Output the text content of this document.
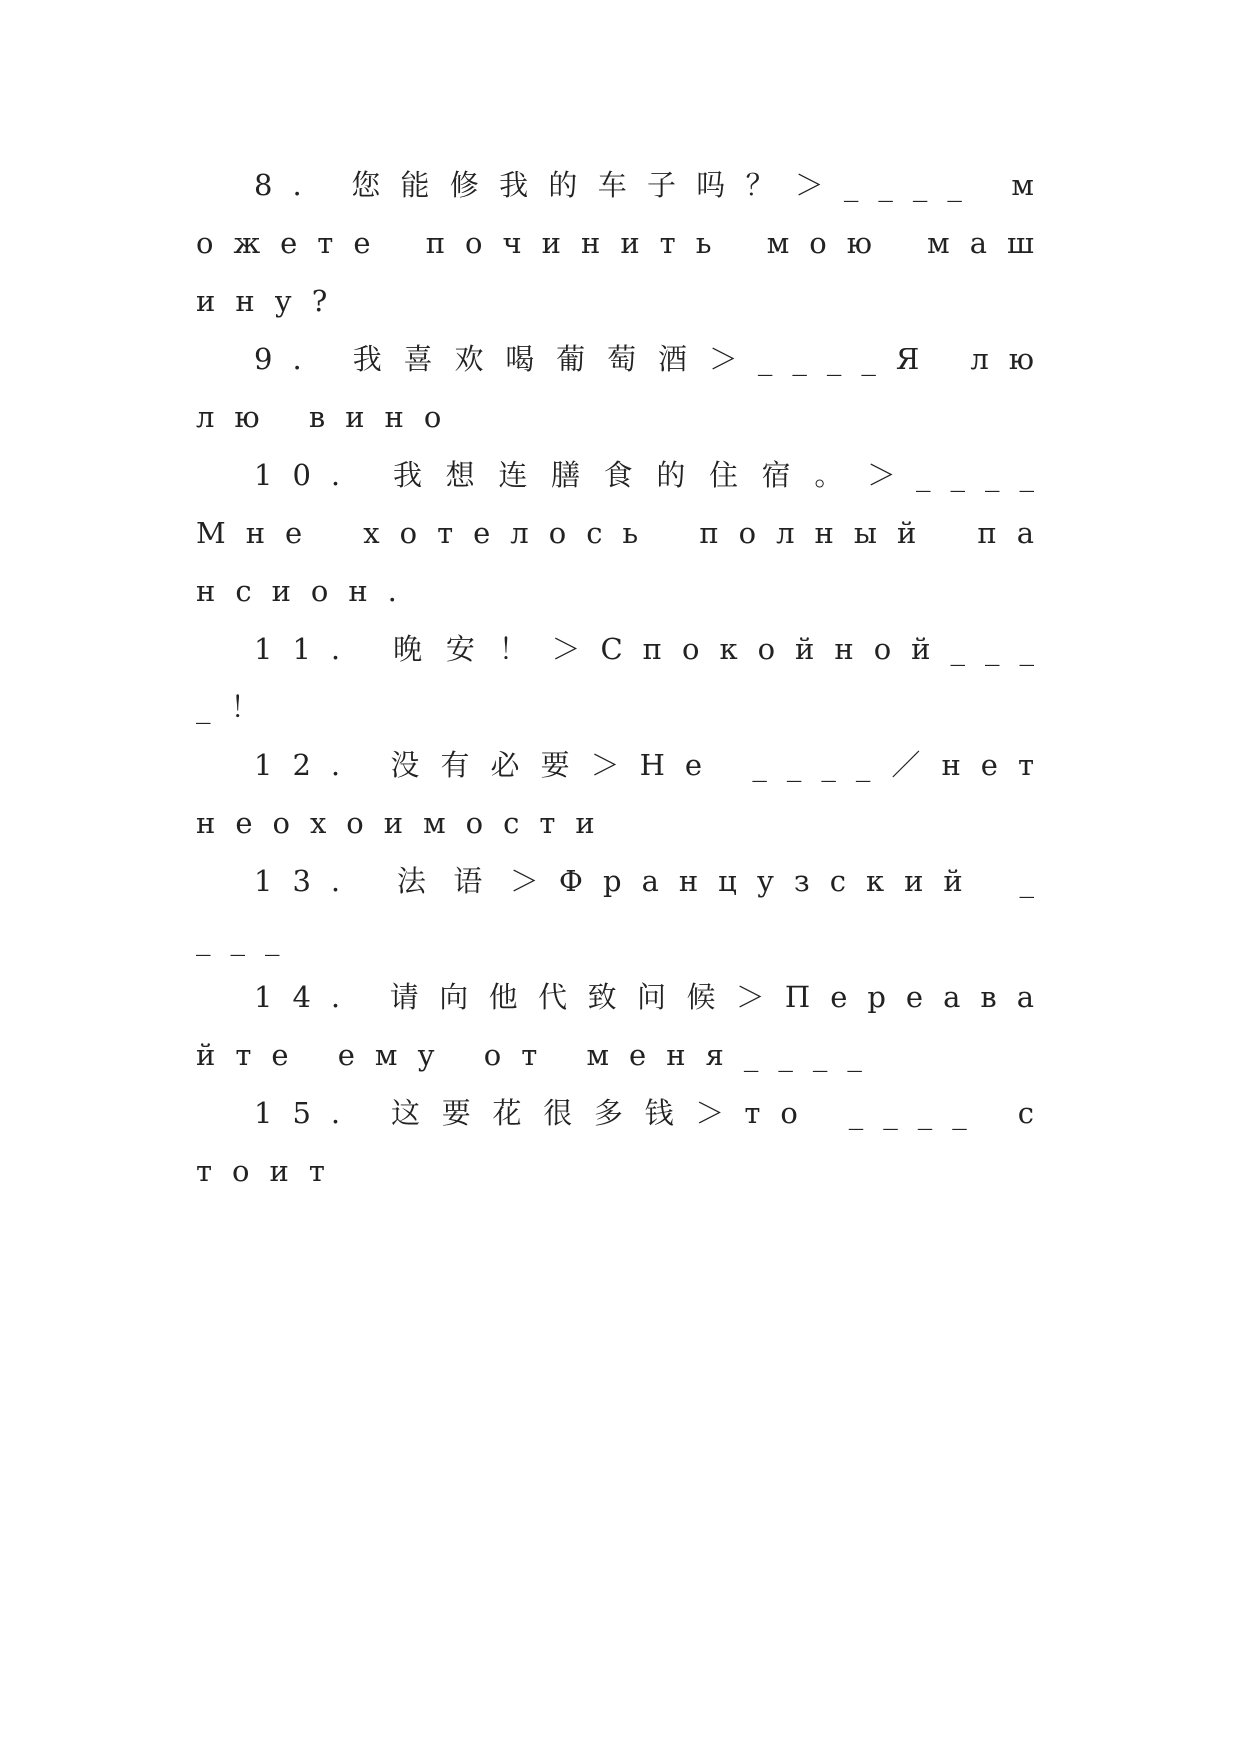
8. 您能修我的车子吗？＞____ можете починить мою машину?

9. 我喜欢喝葡萄酒＞____Я люлю вино

10. 我想连膳食的住宿。＞____Мне хотелось полный пансион.

11. 晚安！＞Спокойной____！

12. 没有必要＞Не ____／нет неохоимости

13. 法语＞Французский ____

14. 请向他代致问候＞Переавайте ему от меня____

15. 这要花很多钱＞то ____ стоит
